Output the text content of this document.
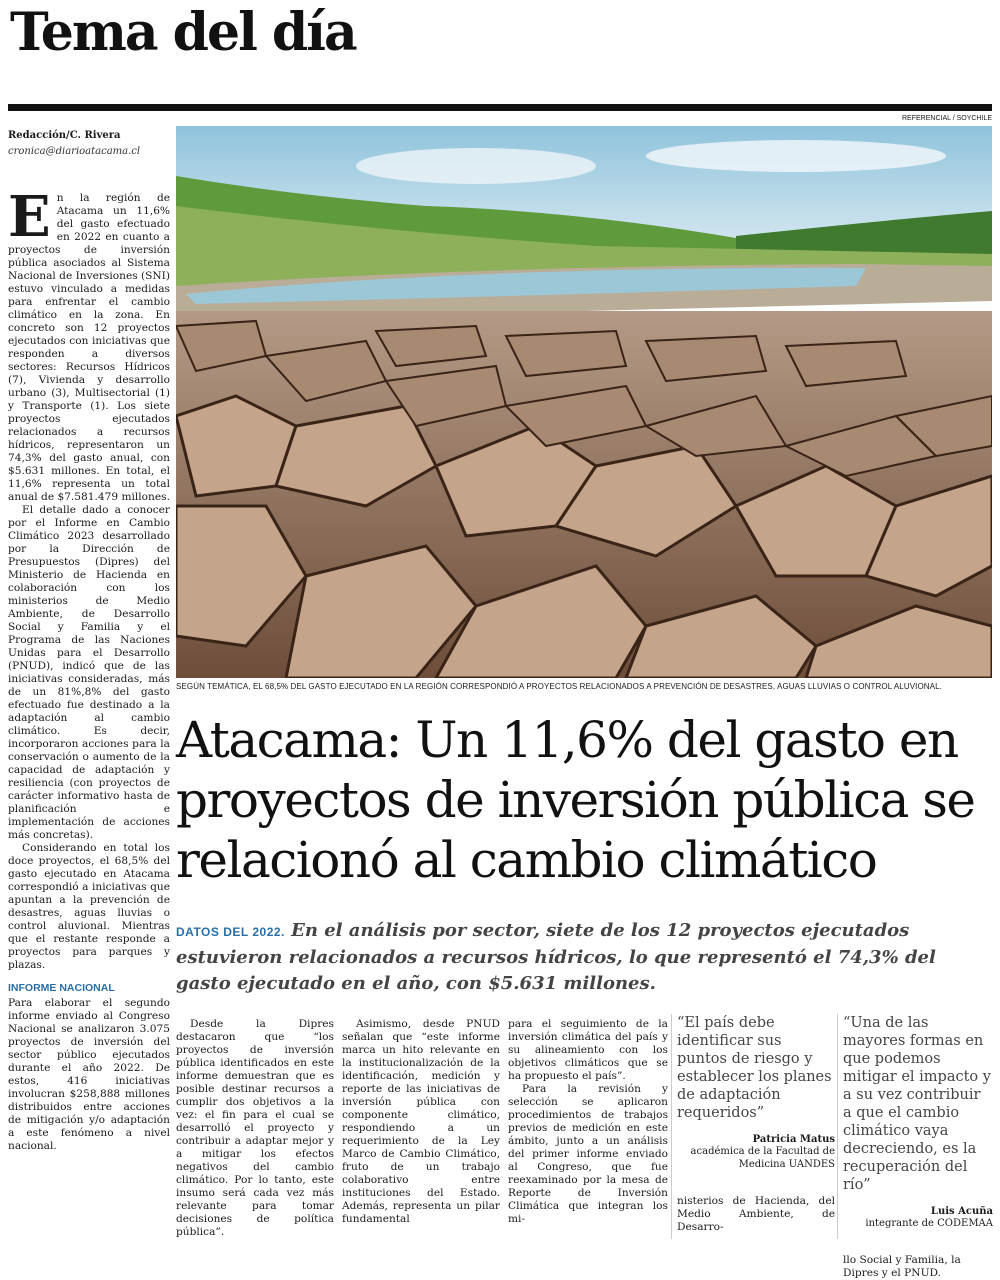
Tema del día
Redacción/C. Rivera
cronica@diarioatacama.cl

En la región de Atacama un 11,6% del gasto efectuado en 2022 en cuanto a proyectos de inversión pública asociados al Sistema Nacional de Inversiones (SNI) estuvo vinculado a medidas para enfrentar el cambio climático en la zona. En concreto son 12 proyectos ejecutados con iniciativas que responden a diversos sectores: Recursos Hídricos (7), Vivienda y desarrollo urbano (3), Multisectorial (1) y Transporte (1). Los siete proyectos ejecutados relacionados a recursos hídricos, representaron un 74,3% del gasto anual, con $5.631 millones. En total, el 11,6% representa un total anual de $7.581.479 millones.

El detalle dado a conocer por el Informe en Cambio Climático 2023 desarrollado por la Dirección de Presupuestos (Dipres) del Ministerio de Hacienda en colaboración con los ministerios de Medio Ambiente, de Desarrollo Social y Familia y el Programa de las Naciones Unidas para el Desarrollo (PNUD), indicó que de las iniciativas consideradas, más de un 81%,8% del gasto efectuado fue destinado a la adaptación al cambio climático. Es decir, incorporaron acciones para la conservación o aumento de la capacidad de adaptación y resiliencia (con proyectos de carácter informativo hasta de planificación e implementación de acciones más concretas).

Considerando en total los doce proyectos, el 68,5% del gasto ejecutado en Atacama correspondió a iniciativas que apuntan a la prevención de desastres, aguas lluvias o control aluvional. Mientras que el restante responde a proyectos para parques y plazas.

INFORME NACIONAL

Para elaborar el segundo informe enviado al Congreso Nacional se analizaron 3.075 proyectos de inversión del sector público ejecutados durante el año 2022. De estos, 416 iniciativas involucran $258,888 millones distribuidos entre acciones de mitigación y/o adaptación a este fenómeno a nivel nacional.

REFERENCIAL / SOYCHILE
SEGÚN TEMÁTICA, EL 68,5% DEL GASTO EJECUTADO EN LA REGIÓN CORRESPONDIÓ A PROYECTOS RELACIONADOS A PREVENCIÓN DE DESASTRES, AGUAS LLUVIAS O CONTROL ALUVIONAL.
Atacama: Un 11,6% del gasto en proyectos de inversión pública se relacionó al cambio climático
DATOS DEL 2022. En el análisis por sector, siete de los 12 proyectos ejecutados estuvieron relacionados a recursos hídricos, lo que representó el 74,3% del gasto ejecutado en el año, con $5.631 millones.

Desde la Dipres destacaron que “los proyectos de inversión pública identificados en este informe demuestran que es posible destinar recursos a cumplir dos objetivos a la vez: el fin para el cual se desarrolló el proyecto y contribuir a adaptar mejor y a mitigar los efectos negativos del cambio climático. Por lo tanto, este insumo será cada vez más relevante para tomar decisiones de política pública”.

Asimismo, desde PNUD señalan que “este informe marca un hito relevante en la institucionalización de la identificación, medición y reporte de las iniciativas de inversión pública con componente climático, respondiendo a un requerimiento de la Ley Marco de Cambio Climático, fruto de un trabajo colaborativo entre instituciones del Estado. Además, representa un pilar fundamental

para el seguimiento de la inversión climática del país y su alineamiento con los objetivos climáticos que se ha propuesto el país”.

Para la revisión y selección se aplicaron procedimientos de trabajos previos de medición en este ámbito, junto a un análisis del primer informe enviado al Congreso, que fue reexaminado por la mesa de Reporte de Inversión Climática que integran los mi-

“El país debe identificar sus puntos de riesgo y establecer los planes de adaptación requeridos”
Patricia Matus
académica de la Facultad de Medicina UANDES
nisterios de Hacienda, del Medio Ambiente, de Desarro-
“Una de las mayores formas en que podemos mitigar el impacto y a su vez contribuir a que el cambio climático vaya decreciendo, es la recuperación del río”
Luis Acuña
integrante de CODEMAA
llo Social y Familia, la Dipres y el PNUD.
